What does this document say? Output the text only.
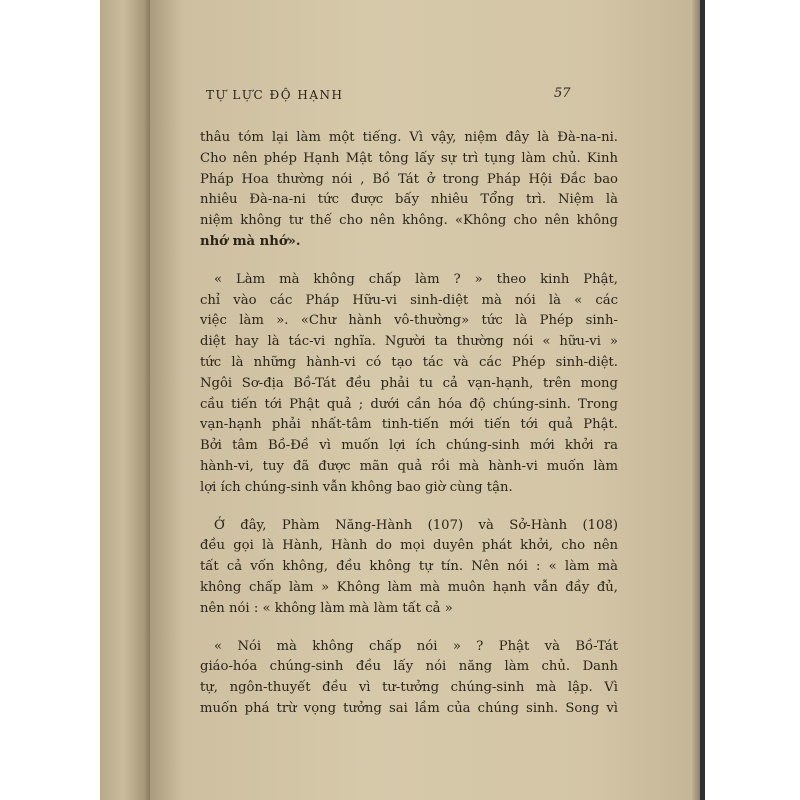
TỰ LỰC ĐỘ HẠNH	57
thâu tóm lại làm một tiếng. Vì vậy, niệm đây là Đà-na-ni.
Cho nên phép Hạnh Mật tông lấy sự trì tụng làm chủ. Kinh
Pháp Hoa thường nói , Bồ Tát ở trong Pháp Hội Đắc bao
nhiêu Đà-na-ni tức được bấy nhiêu Tổng trì. Niệm là
niệm không tư thế cho nên không. «Không cho nên không
nhớ mà nhớ».
« Làm mà không chấp làm ? » theo kinh Phật,
chỉ vào các Pháp Hữu-vi sinh-diệt mà nói là « các
việc làm ». «Chư hành vô-thường» tức là Phép sinh-
diệt hay là tác-vi nghĩa. Người ta thường nói « hữu-vi »
tức là những hành-vi có tạo tác và các Phép sinh-diệt.
Ngôi Sơ-địa Bồ-Tát đều phải tu cả vạn-hạnh, trên mong
cầu tiến tới Phật quả ; dưới cần hóa độ chúng-sinh. Trong
vạn-hạnh phải nhất-tâm tinh-tiến mới tiến tới quả Phật.
Bởi tâm Bồ-Đề vì muốn lợi ích chúng-sinh mới khởi ra
hành-vi, tuy đã được mãn quả rồi mà hành-vi muốn làm
lợi ích chúng-sinh vẫn không bao giờ cùng tận.
Ở đây, Phàm Năng-Hành (107) và Sở-Hành (108)
đều gọi là Hành, Hành do mọi duyên phát khởi, cho nên
tất cả vốn không, đều không tự tín. Nên nói : « làm mà
không chấp làm » Không làm mà muôn hạnh vẫn đầy đủ,
nên nói : « không làm mà làm tất cả »
« Nói mà không chấp nói » ? Phật và Bồ-Tát
giáo-hóa chúng-sinh đều lấy nói năng làm chủ. Danh
tự, ngôn-thuyết đều vì tư-tưởng chúng-sinh mà lập. Vì
muốn phá trừ vọng tưởng sai lầm của chúng sinh. Song vì
